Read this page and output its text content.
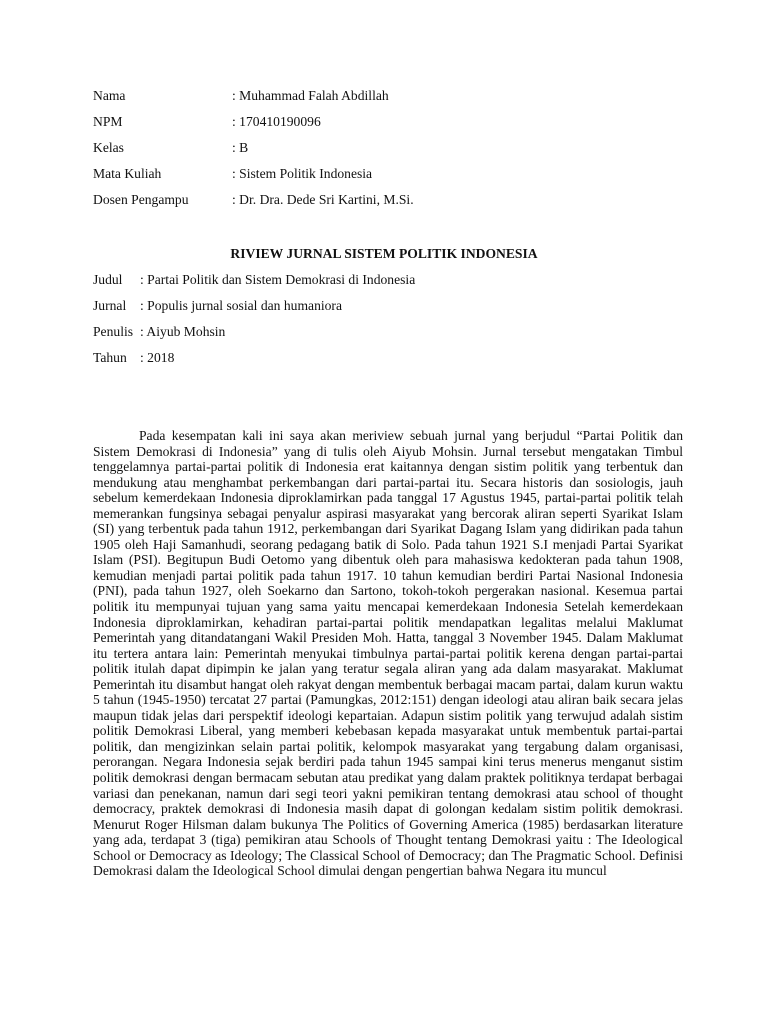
Nama	: Muhammad Falah Abdillah
NPM	: 170410190096
Kelas	: B
Mata Kuliah	: Sistem Politik Indonesia
Dosen Pengampu	: Dr. Dra. Dede Sri Kartini, M.Si.
RIVIEW JURNAL SISTEM POLITIK INDONESIA
Judul : Partai Politik dan Sistem Demokrasi di Indonesia
Jurnal : Populis jurnal sosial dan humaniora
Penulis : Aiyub Mohsin
Tahun : 2018

Pada kesempatan kali ini saya akan meriview sebuah jurnal yang berjudul “Partai Politik dan Sistem Demokrasi di Indonesia” yang di tulis oleh Aiyub Mohsin. Jurnal tersebut mengatakan Timbul tenggelamnya partai-partai politik di Indonesia erat kaitannya dengan sistim politik yang terbentuk dan mendukung atau menghambat perkembangan dari partai-partai itu. Secara historis dan sosiologis, jauh sebelum kemerdekaan Indonesia diproklamirkan pada tanggal 17 Agustus 1945, partai-partai politik telah memerankan fungsinya sebagai penyalur aspirasi masyarakat yang bercorak aliran seperti Syarikat Islam (SI) yang terbentuk pada tahun 1912, perkembangan dari Syarikat Dagang Islam yang didirikan pada tahun 1905 oleh Haji Samanhudi, seorang pedagang batik di Solo. Pada tahun 1921 S.I menjadi Partai Syarikat Islam (PSI). Begitupun Budi Oetomo yang dibentuk oleh para mahasiswa kedokteran pada tahun 1908, kemudian menjadi partai politik pada tahun 1917. 10 tahun kemudian berdiri Partai Nasional Indonesia (PNI), pada tahun 1927, oleh Soekarno dan Sartono, tokoh-tokoh pergerakan nasional. Kesemua partai politik itu mempunyai tujuan yang sama yaitu mencapai kemerdekaan Indonesia Setelah kemerdekaan Indonesia diproklamirkan, kehadiran partai-partai politik mendapatkan legalitas melalui Maklumat Pemerintah yang ditandatangani Wakil Presiden Moh. Hatta, tanggal 3 November 1945. Dalam Maklumat itu tertera antara lain: Pemerintah menyukai timbulnya partai-partai politik kerena dengan partai-partai politik itulah dapat dipimpin ke jalan yang teratur segala aliran yang ada dalam masyarakat. Maklumat Pemerintah itu disambut hangat oleh rakyat dengan membentuk berbagai macam partai, dalam kurun waktu 5 tahun (1945-1950) tercatat 27 partai (Pamungkas, 2012:151) dengan ideologi atau aliran baik secara jelas maupun tidak jelas dari perspektif ideologi kepartaian. Adapun sistim politik yang terwujud adalah sistim politik Demokrasi Liberal, yang memberi kebebasan kepada masyarakat untuk membentuk partai-partai politik, dan mengizinkan selain partai politik, kelompok masyarakat yang tergabung dalam organisasi, perorangan. Negara Indonesia sejak berdiri pada tahun 1945 sampai kini terus menerus menganut sistim politik demokrasi dengan bermacam sebutan atau predikat yang dalam praktek politiknya terdapat berbagai variasi dan penekanan, namun dari segi teori yakni pemikiran tentang demokrasi atau school of thought democracy, praktek demokrasi di Indonesia masih dapat di golongan kedalam sistim politik demokrasi. Menurut Roger Hilsman dalam bukunya The Politics of Governing America (1985) berdasarkan literature yang ada, terdapat 3 (tiga) pemikiran atau Schools of Thought tentang Demokrasi yaitu : The Ideological School or Democracy as Ideology; The Classical School of Democracy; dan The Pragmatic School. Definisi Demokrasi dalam the Ideological School dimulai dengan pengertian bahwa Negara itu muncul
